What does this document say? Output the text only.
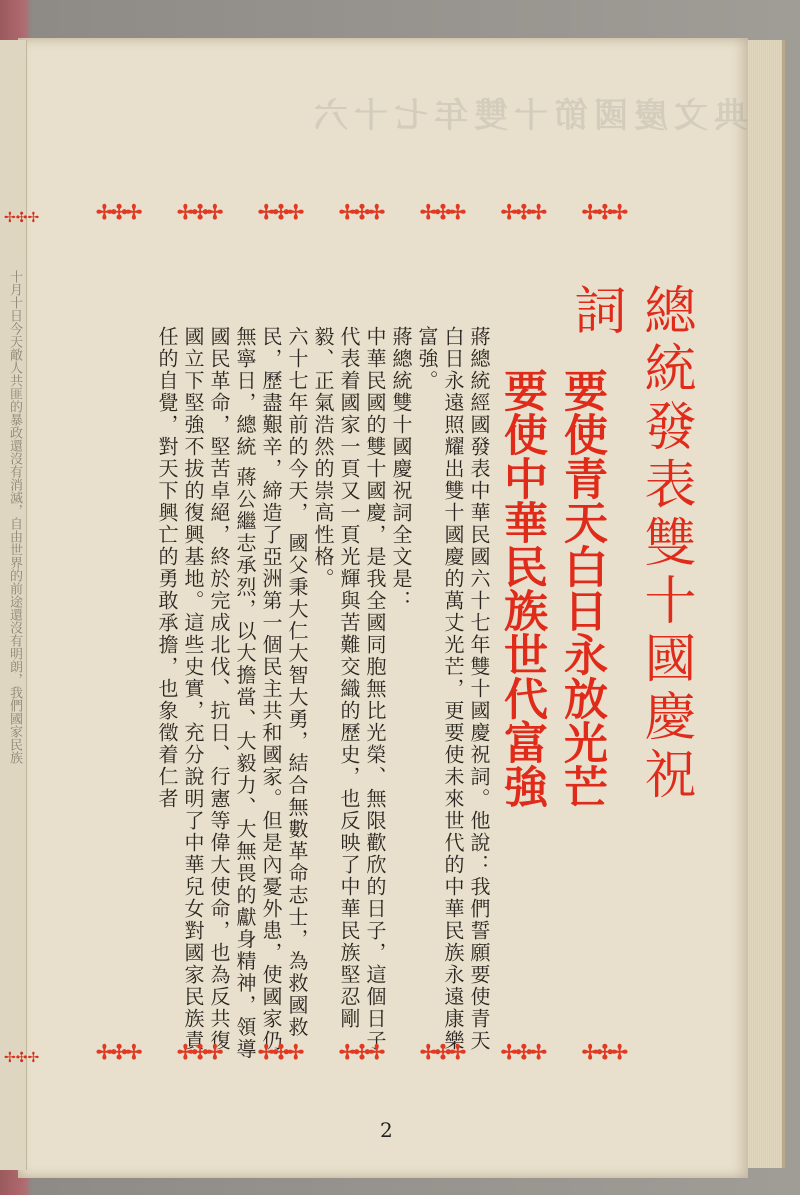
典文慶國節十雙年七十六
✢✣✢ ✢✣✢ ✢✣✢ ✢✣✢ ✢✣✢ ✢✣✢ ✢✣✢
總統發表雙十國慶祝詞
要使青天白日永放光芒
要使中華民族世代富強

蔣總統經國發表中華民國六十七年雙十國慶祝詞。他說：我們誓願要使青天白日永遠照耀出雙十國慶的萬丈光芒，更要使未來世代的中華民族永遠康樂富強。

蔣總統雙十國慶祝詞全文是：

中華民國的雙十國慶，是我全國同胞無比光榮、無限歡欣的日子，這個日子代表着國家一頁又一頁光輝與苦難交織的歷史，也反映了中華民族堅忍剛毅、正氣浩然的崇高性格。

六十七年前的今天， 國父秉大仁大智大勇，結合無數革命志士，為救國救民，歷盡艱辛，締造了亞洲第一個民主共和國家。但是內憂外患，使國家仍無寧日，總統 蔣公繼志承烈，以大擔當、大毅力、大無畏的獻身精神，領導國民革命，堅苦卓絕，終於完成北伐、抗日、行憲等偉大使命，也為反共復國立下堅強不拔的復興基地。這些史實，充分說明了中華兒女對國家民族責任的自覺，對天下興亡的勇敢承擔，也象徵着仁者

✢✣✢ ✢✣✢ ✢✣✢ ✢✣✢ ✢✣✢ ✢✣✢ ✢✣✢
2
✢✣✢
十月十日今天敵人共匪的暴政還沒有消滅，自由世界的前途還沒有明朗，我們國家民族
✢✣✢
